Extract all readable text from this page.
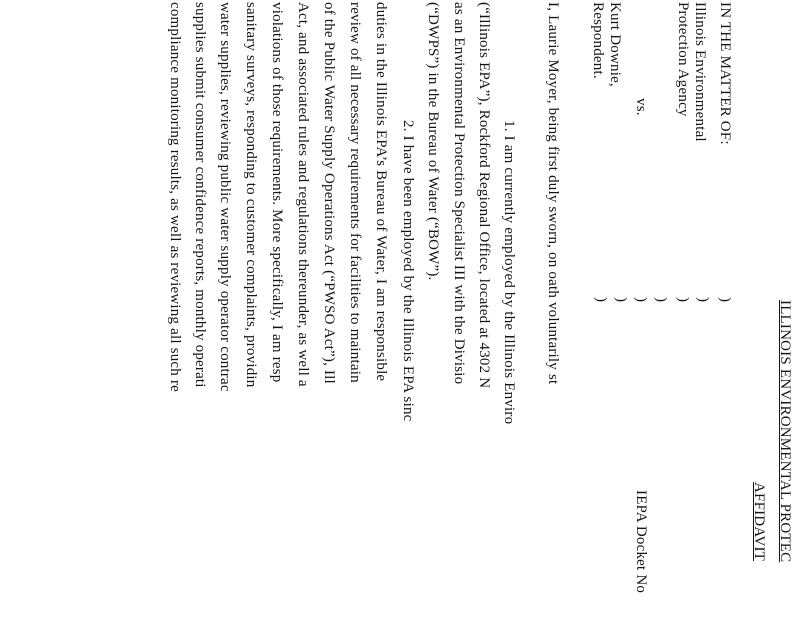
ILLINOIS ENVIRONMENTAL PROTEC
AFFIDAVIT
IN THE MATTER OF:
Illinois Environmental
Protection Agency
vs.
Kurt Downie,
Respondent.
)
)
)
)
)
)
)
IEPA Docket No
I, Laurie Moyer, being first duly sworn, on oath voluntarily st
1. I am currently employed by the Illinois Enviro
(“Illinois EPA”), Rockford Regional Office, located at 4302 N
as an Environmental Protection Specialist III with the Divisio
(“DWPS”) in the Bureau of Water (“BOW”).
2. I have been employed by the Illinois EPA sinc
duties in the Illinois EPA’s Bureau of Water, I am responsible
review of all necessary requirements for facilities to maintain
of the Public Water Supply Operations Act (“PWSO Act”), Ill
Act, and associated rules and regulations thereunder, as well a
violations of those requirements. More specifically, I am resp
sanitary surveys, responding to customer complaints, providin
water supplies, reviewing public water supply operator contrac
supplies submit consumer confidence reports, monthly operati
compliance monitoring results, as well as reviewing all such re
